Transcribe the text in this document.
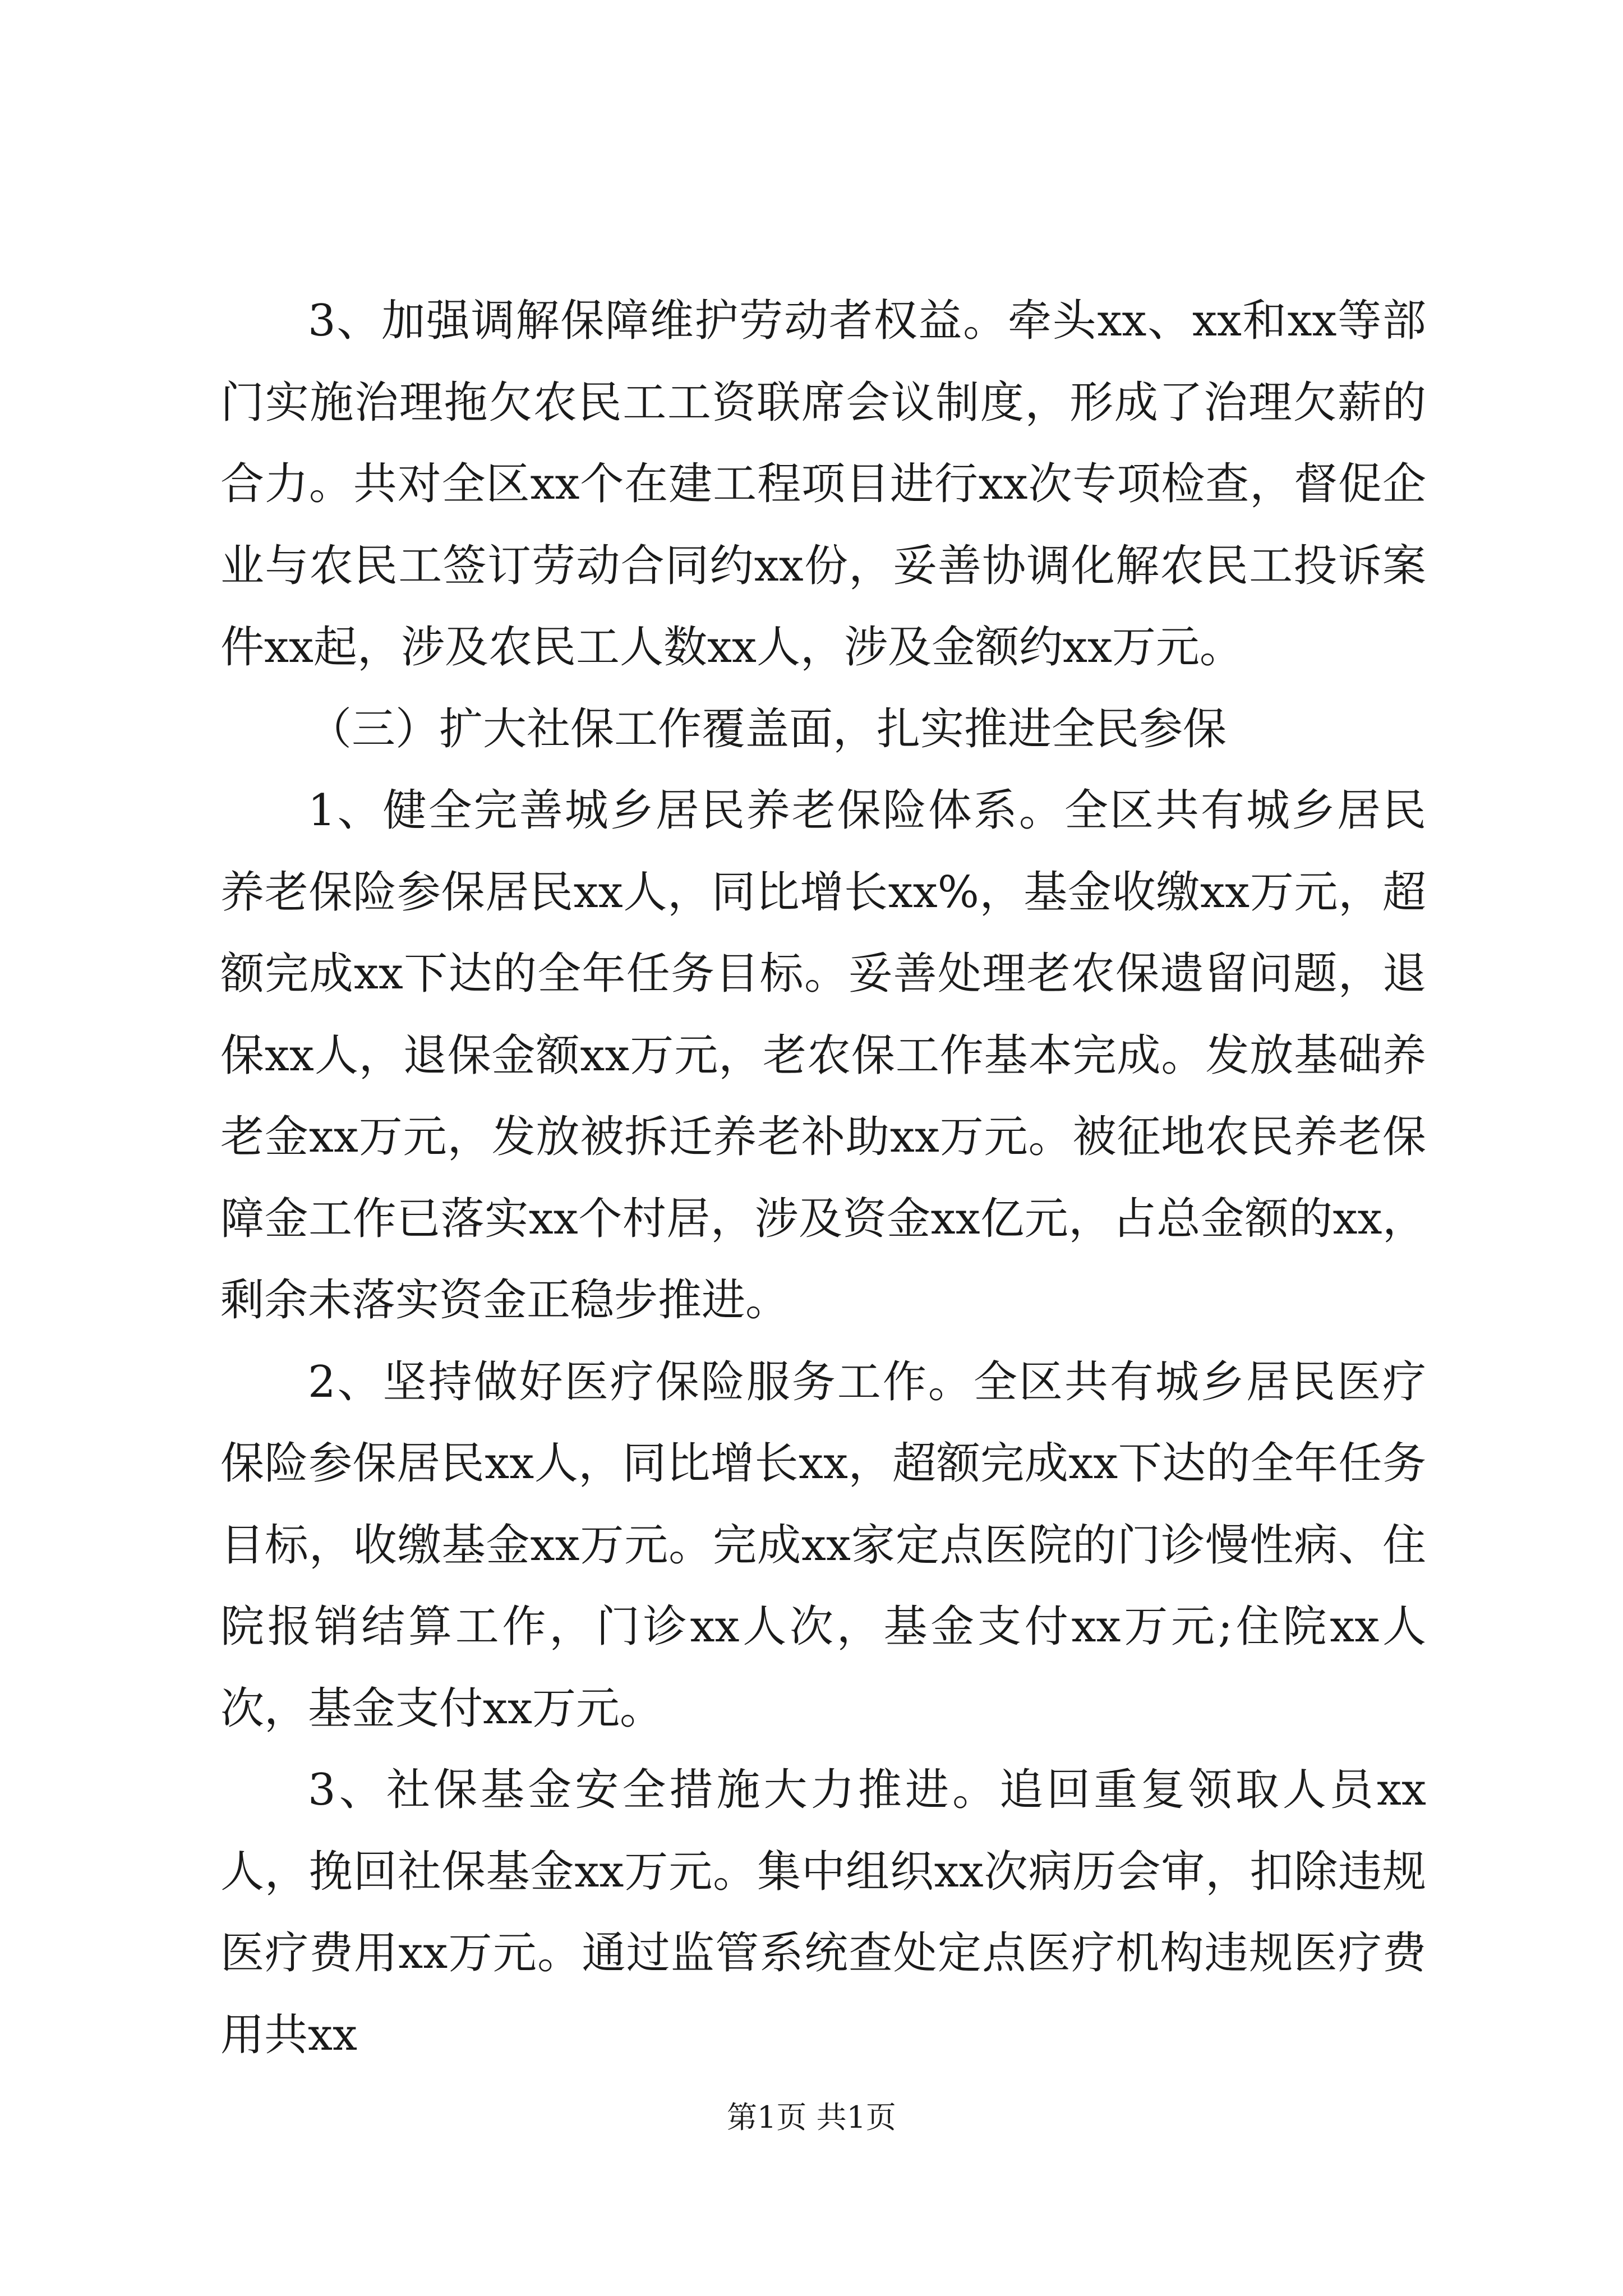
3、加强调解保障维护劳动者权益。牵头xx、xx和xx等部门实施治理拖欠农民工工资联席会议制度，形成了治理欠薪的合力。共对全区xx个在建工程项目进行xx次专项检查，督促企业与农民工签订劳动合同约xx份，妥善协调化解农民工投诉案件xx起，涉及农民工人数xx人，涉及金额约xx万元。

（三）扩大社保工作覆盖面，扎实推进全民参保

1、健全完善城乡居民养老保险体系。全区共有城乡居民养老保险参保居民xx人，同比增长xx%，基金收缴xx万元，超额完成xx下达的全年任务目标。妥善处理老农保遗留问题，退保xx人，退保金额xx万元，老农保工作基本完成。发放基础养老金xx万元，发放被拆迁养老补助xx万元。被征地农民养老保障金工作已落实xx个村居，涉及资金xx亿元，占总金额的xx，剩余未落实资金正稳步推进。

2、坚持做好医疗保险服务工作。全区共有城乡居民医疗保险参保居民xx人，同比增长xx，超额完成xx下达的全年任务目标，收缴基金xx万元。完成xx家定点医院的门诊慢性病、住院报销结算工作，门诊xx人次，基金支付xx万元;住院xx人次，基金支付xx万元。

3、社保基金安全措施大力推进。追回重复领取人员xx人，挽回社保基金xx万元。集中组织xx次病历会审，扣除违规医疗费用xx万元。通过监管系统查处定点医疗机构违规医疗费用共xx

第1页 共1页
